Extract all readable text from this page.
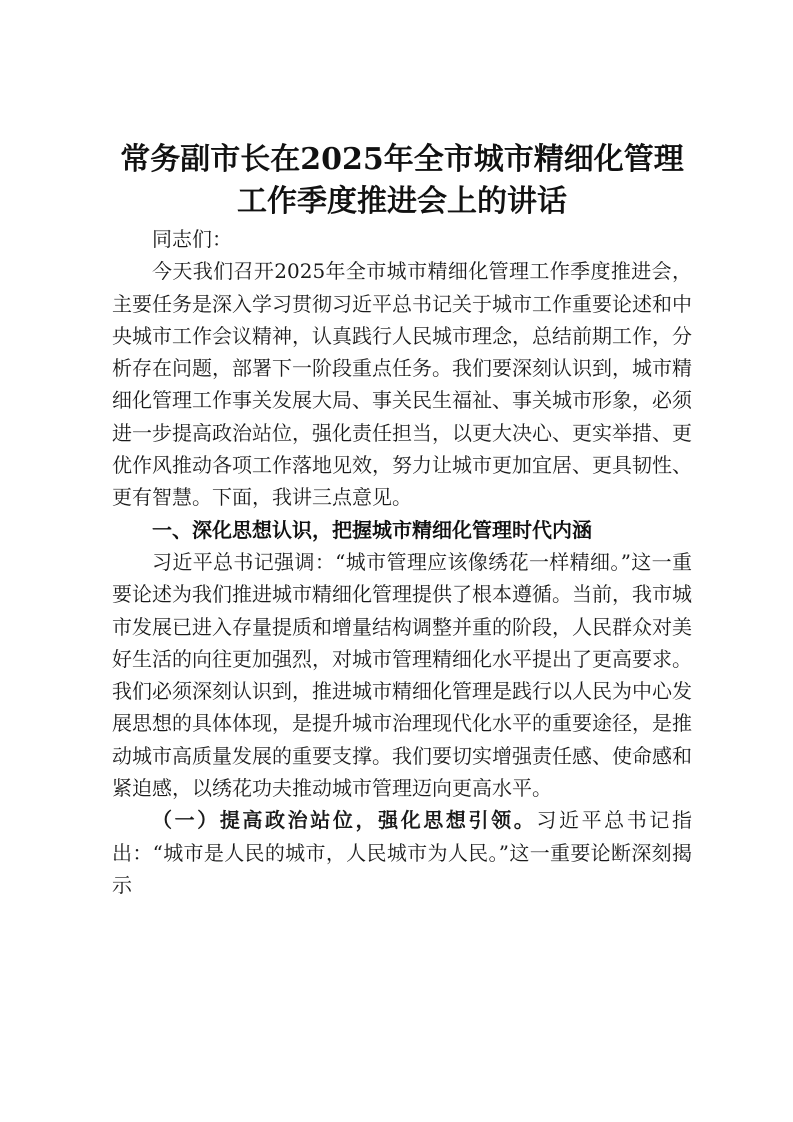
常务副市长在2025年全市城市精细化管理工作季度推进会上的讲话

同志们：

今天我们召开2025年全市城市精细化管理工作季度推进会，主要任务是深入学习贯彻习近平总书记关于城市工作重要论述和中央城市工作会议精神，认真践行人民城市理念，总结前期工作，分析存在问题，部署下一阶段重点任务。我们要深刻认识到，城市精细化管理工作事关发展大局、事关民生福祉、事关城市形象，必须进一步提高政治站位，强化责任担当，以更大决心、更实举措、更优作风推动各项工作落地见效，努力让城市更加宜居、更具韧性、更有智慧。下面，我讲三点意见。

一、深化思想认识，把握城市精细化管理时代内涵

习近平总书记强调：“城市管理应该像绣花一样精细。”这一重要论述为我们推进城市精细化管理提供了根本遵循。当前，我市城市发展已进入存量提质和增量结构调整并重的阶段，人民群众对美好生活的向往更加强烈，对城市管理精细化水平提出了更高要求。我们必须深刻认识到，推进城市精细化管理是践行以人民为中心发展思想的具体体现，是提升城市治理现代化水平的重要途径，是推动城市高质量发展的重要支撑。我们要切实增强责任感、使命感和紧迫感，以绣花功夫推动城市管理迈向更高水平。

（一）提高政治站位，强化思想引领。习近平总书记指出：“城市是人民的城市，人民城市为人民。”这一重要论断深刻揭示
